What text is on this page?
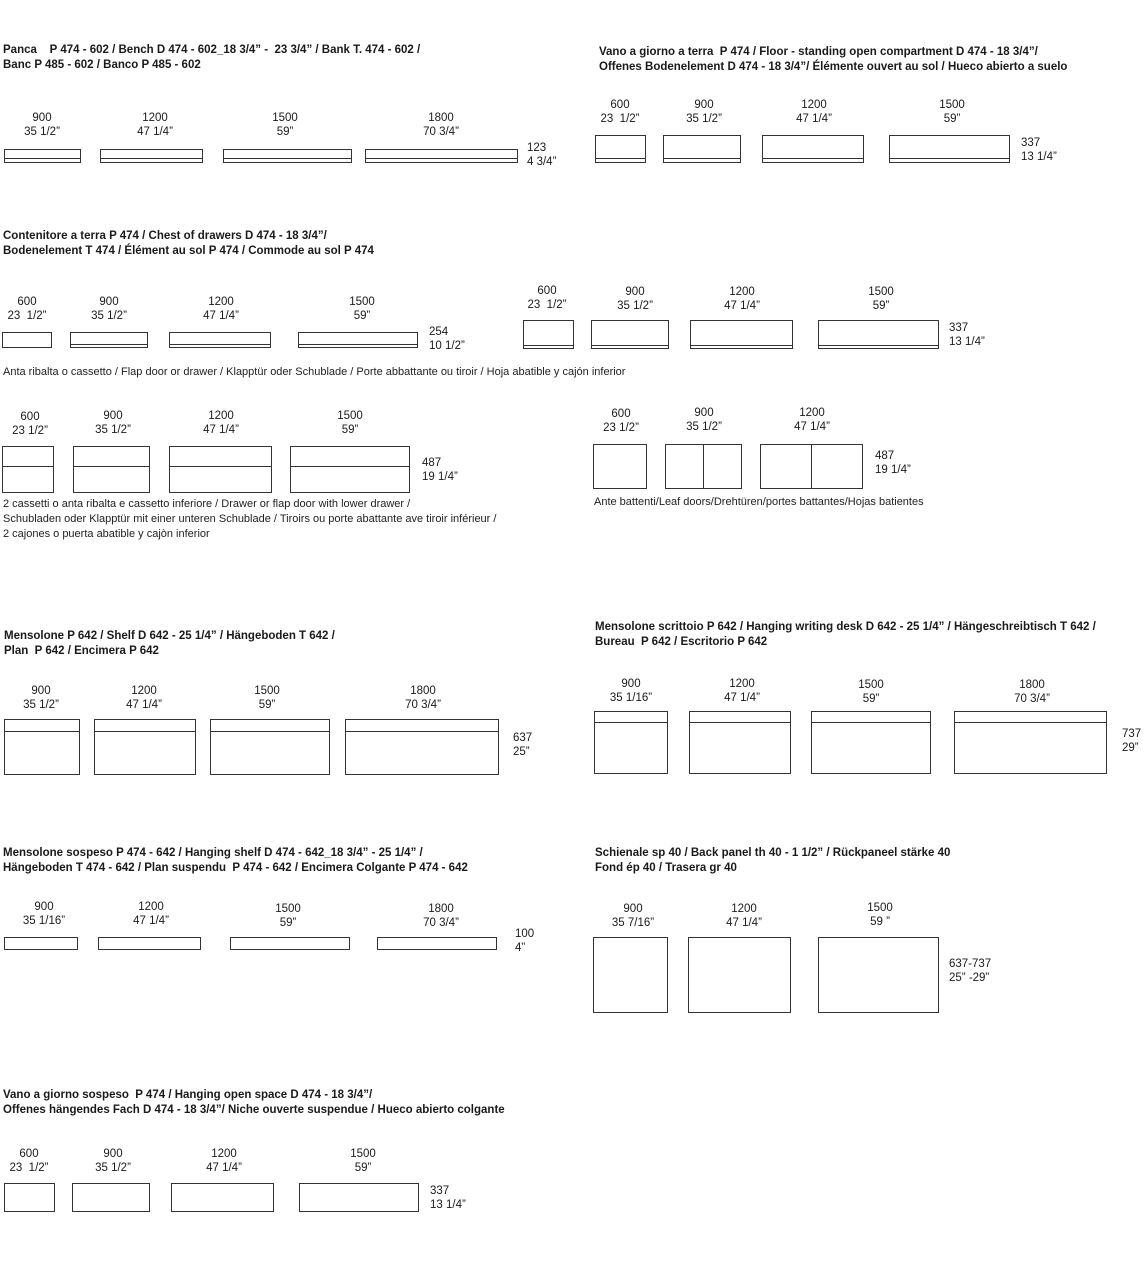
Panca    P 474 - 602 / Bench D 474 - 602_18 3/4” -  23 3/4” / Bank T. 474 - 602 /
Banc P 485 - 602 / Banco P 485 - 602
900
35 1/2”
1200
47 1/4”
1500
59”
1800
70 3/4”
123
4 3/4”
Vano a giorno a terra  P 474 / Floor - standing open compartment D 474 - 18 3/4”/
Offenes Bodenelement D 474 - 18 3/4”/ Élémente ouvert au sol / Hueco abierto a suelo
600
23  1/2”
900
35 1/2”
1200
47 1/4”
1500
59”
337
13 1/4”
Contenitore a terra P 474 / Chest of drawers D 474 - 18 3/4”/
Bodenelement T 474 / Élément au sol P 474 / Commode au sol P 474
600
23  1/2”
900
35 1/2”
1200
47 1/4”
1500
59”
254
10 1/2”
600
23  1/2”
900
35 1/2”
1200
47 1/4”
1500
59”
337
13 1/4”
Anta ribalta o cassetto / Flap door or drawer / Klapptür oder Schublade / Porte abbattante ou tiroir / Hoja abatible y cajón inferior
600
23 1/2”
900
35 1/2”
1200
47 1/4”
1500
59”
487
19 1/4”
2 cassetti o anta ribalta e cassetto inferiore / Drawer or flap door with lower drawer /
Schubladen oder Klapptür mit einer unteren Schublade / Tiroirs ou porte abattante ave tiroir inférieur /
2 cajones o puerta abatible y cajòn inferior
600
23 1/2”
900
35 1/2”
1200
47 1/4”
487
19 1/4”
Ante battenti/Leaf doors/Drehtüren/portes battantes/Hojas batientes
Mensolone P 642 / Shelf D 642 - 25 1/4” / Hängeboden T 642 /
Plan  P 642 / Encimera P 642
900
35 1/2”
1200
47 1/4”
1500
59”
1800
70 3/4”
637
25”
Mensolone scrittoio P 642 / Hanging writing desk D 642 - 25 1/4” / Hängeschreibtisch T 642 /
Bureau  P 642 / Escritorio P 642
900
35 1/16”
1200
47 1/4”
1500
59”
1800
70 3/4”
737
29”
Mensolone sospeso P 474 - 642 / Hanging shelf D 474 - 642_18 3/4” - 25 1/4” /
Hängeboden T 474 - 642 / Plan suspendu  P 474 - 642 / Encimera Colgante P 474 - 642
900
35 1/16”
1200
47 1/4”
1500
59”
1800
70 3/4”
100
4”
Schienale sp 40 / Back panel th 40 - 1 1/2” / Rückpaneel stärke 40
Fond ép 40 / Trasera gr 40
900
35 7/16”
1200
47 1/4”
1500
59 ”
637-737
25” -29”
Vano a giorno sospeso  P 474 / Hanging open space D 474 - 18 3/4”/
Offenes hängendes Fach D 474 - 18 3/4”/ Niche ouverte suspendue / Hueco abierto colgante
600
23  1/2”
900
35 1/2”
1200
47 1/4”
1500
59”
337
13 1/4”
